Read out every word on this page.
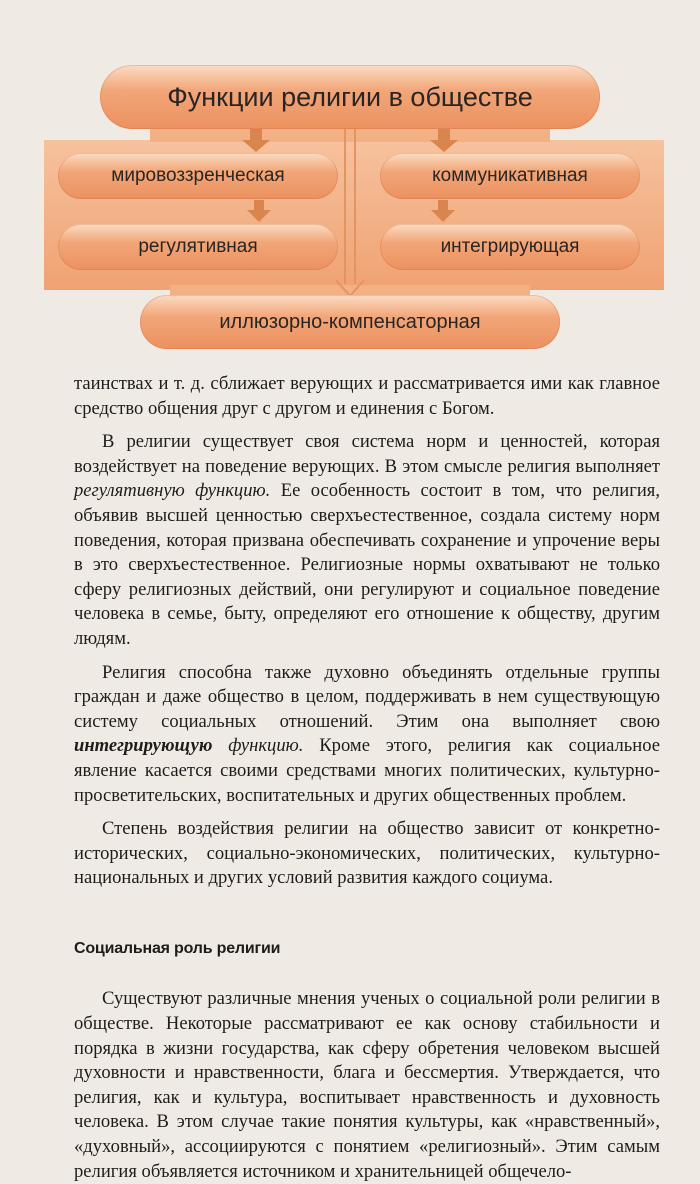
Функции религии в обществе
мировоззренческая	коммуникативная
регулятивная	интегрирующая
иллюзорно-компенсаторная

таинствах и т. д. сближает верующих и рассматривается ими как главное средство общения друг с другом и единения с Богом.

В религии существует своя система норм и ценностей, которая воздействует на поведение верующих. В этом смысле религия выполняет регулятивную функцию. Ее особенность состоит в том, что религия, объявив высшей ценностью сверхъестественное, создала систему норм поведения, которая призвана обеспечивать сохранение и упрочение веры в это сверхъестественное. Религиозные нормы охватывают не только сферу религиозных действий, они регулируют и социальное поведение человека в семье, быту, определяют его отношение к обществу, другим людям.

Религия способна также духовно объединять отдельные группы граждан и даже общество в целом, поддерживать в нем существующую систему социальных отношений. Этим она выполняет свою интегрирующую функцию. Кроме этого, религия как социальное явление касается своими средствами многих политических, культурно-просветительских, воспитательных и других общественных проблем.

Степень воздействия религии на общество зависит от конкретно-исторических, социально-экономических, политических, культурно-национальных и других условий развития каждого социума.

Социальная роль религии

Существуют различные мнения ученых о социальной роли религии в обществе. Некоторые рассматривают ее как основу стабильности и порядка в жизни государства, как сферу обретения человеком высшей духовности и нравственности, блага и бессмертия. Утверждается, что религия, как и культура, воспитывает нравственность и духовность человека. В этом случае такие понятия культуры, как «нравственный», «духовный», ассоциируются с понятием «религиозный». Этим самым религия объявляется источником и хранительницей общечело-
